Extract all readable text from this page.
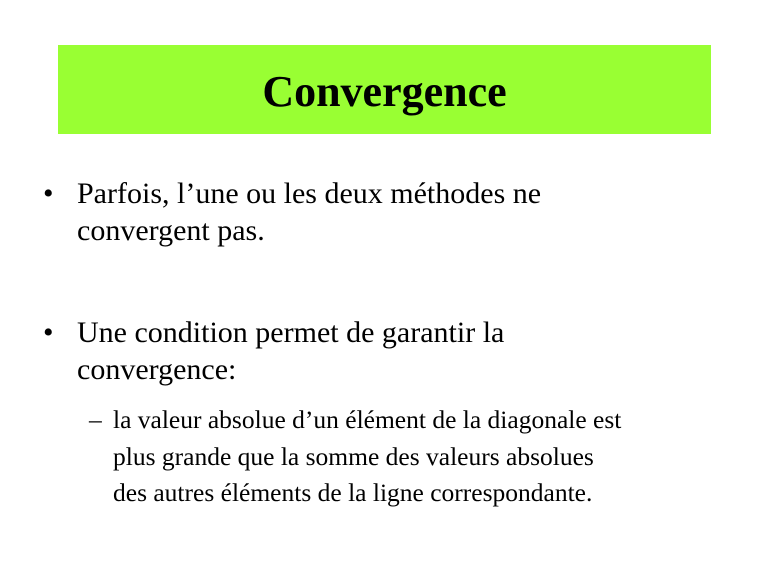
Convergence
• Parfois, l’une ou les deux méthodes ne
convergent pas.
• Une condition permet de garantir la
convergence:
– la valeur absolue d’un élément de la diagonale est
plus grande que la somme des valeurs absolues
des autres éléments de la ligne correspondante.
